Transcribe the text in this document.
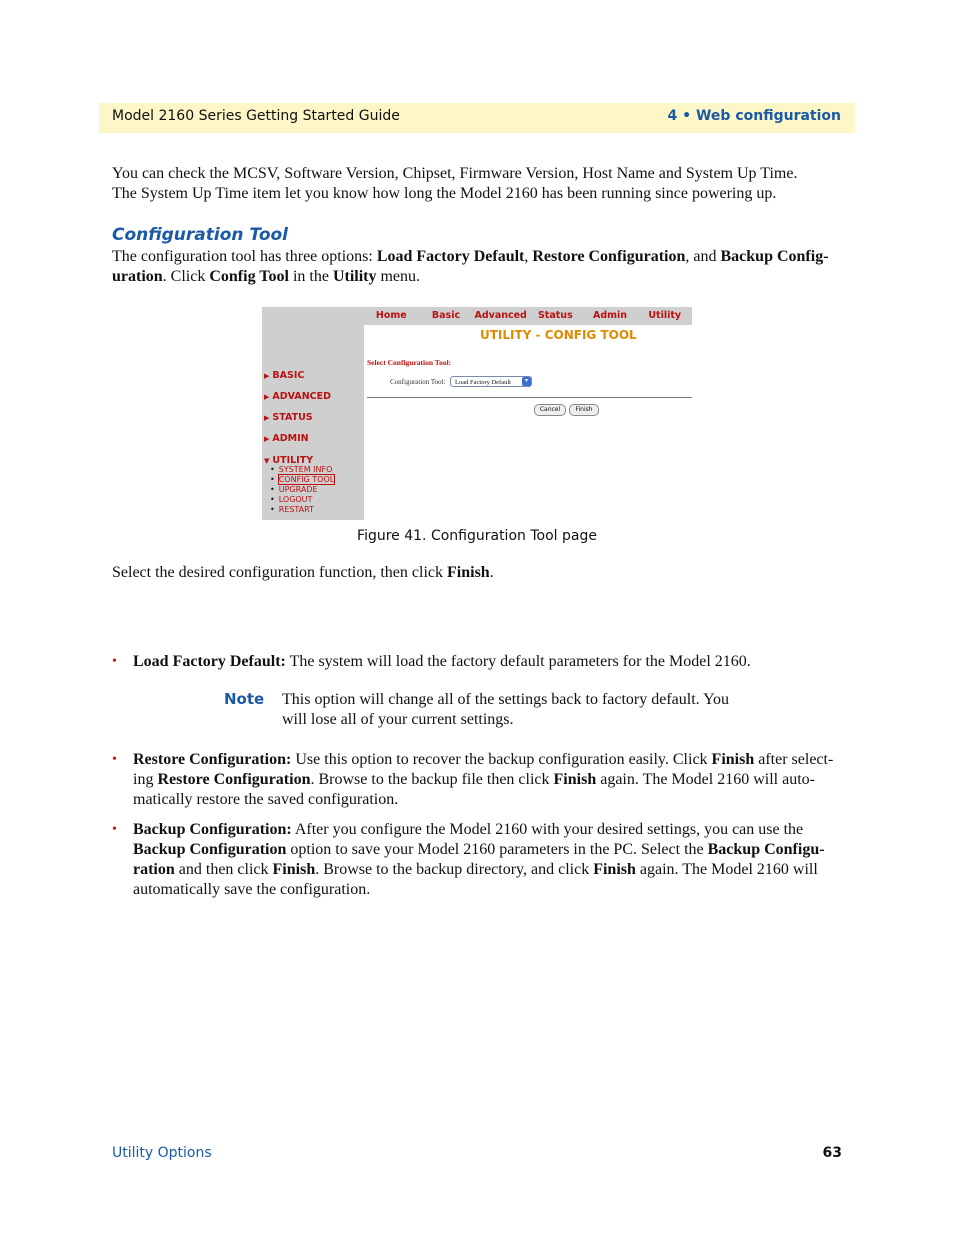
Model 2160 Series Getting Started Guide	4 • Web configuration
You can check the MCSV, Software Version, Chipset, Firmware Version, Host Name and System Up Time.
The System Up Time item let you know how long the Model 2160 has been running since powering up.
Configuration Tool
The configuration tool has three options: Load Factory Default, Restore Configuration, and Backup Config-
uration. Click Config Tool in the Utility menu.
▶ BASIC
▶ ADVANCED
▶ STATUS
▶ ADMIN
▼ UTILITY
• SYSTEM INFO
• CONFIG TOOL
• UPGRADE
• LOGOUT
• RESTART
Home	Basic	Advanced	Status	Admin	Utility
UTILITY - CONFIG TOOL
Select Configuration Tool:
Configuration Tool:	Load Factory Default	▾
Cancel	Finish
Figure 41. Configuration Tool page
Select the desired configuration function, then click Finish.
• Load Factory Default: The system will load the factory default parameters for the Model 2160.
Note This option will change all of the settings back to factory default. You
will lose all of your current settings.
• Restore Configuration: Use this option to recover the backup configuration easily. Click Finish after select-
ing Restore Configuration. Browse to the backup file then click Finish again. The Model 2160 will auto-
matically restore the saved configuration.
• Backup Configuration: After you configure the Model 2160 with your desired settings, you can use the
Backup Configuration option to save your Model 2160 parameters in the PC. Select the Backup Configu-
ration and then click Finish. Browse to the backup directory, and click Finish again. The Model 2160 will
automatically save the configuration.
Utility Options	63
